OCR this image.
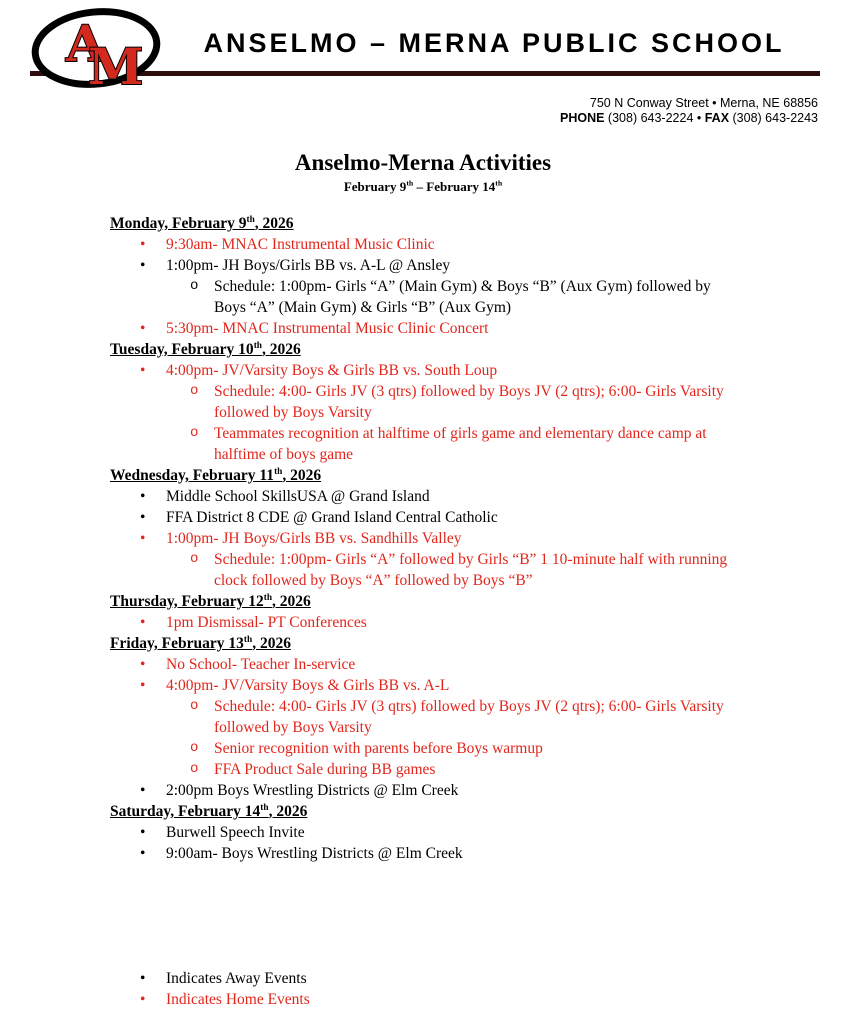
A
M	ANSELMO – MERNA PUBLIC SCHOOL
750 N Conway Street • Merna, NE 68856
PHONE (308) 643-2224 • FAX (308) 643-2243
Anselmo-Merna Activities
February 9th – February 14th
Monday, February 9th, 2026
•	9:30am- MNAC Instrumental Music Clinic
•	1:00pm- JH Boys/Girls BB vs. A-L @ Ansley
o	Schedule: 1:00pm- Girls “A” (Main Gym) & Boys “B” (Aux Gym) followed by Boys “A” (Main Gym) & Girls “B” (Aux Gym)
•	5:30pm- MNAC Instrumental Music Clinic Concert
Tuesday, February 10th, 2026
•	4:00pm- JV/Varsity Boys & Girls BB vs. South Loup
o	Schedule: 4:00- Girls JV (3 qtrs) followed by Boys JV (2 qtrs); 6:00- Girls Varsity followed by Boys Varsity
o	Teammates recognition at halftime of girls game and elementary dance camp at halftime of boys game
Wednesday, February 11th, 2026
•	Middle School SkillsUSA @ Grand Island
•	FFA District 8 CDE @ Grand Island Central Catholic
•	1:00pm- JH Boys/Girls BB vs. Sandhills Valley
o	Schedule: 1:00pm- Girls “A” followed by Girls “B” 1 10-minute half with running clock followed by Boys “A” followed by Boys “B”
Thursday, February 12th, 2026
•	1pm Dismissal- PT Conferences
Friday, February 13th, 2026
•	No School- Teacher In-service
•	4:00pm- JV/Varsity Boys & Girls BB vs. A-L
o	Schedule: 4:00- Girls JV (3 qtrs) followed by Boys JV (2 qtrs); 6:00- Girls Varsity followed by Boys Varsity
o	Senior recognition with parents before Boys warmup
o	FFA Product Sale during BB games
•	2:00pm Boys Wrestling Districts @ Elm Creek
Saturday, February 14th, 2026
•	Burwell Speech Invite
•	9:00am- Boys Wrestling Districts @ Elm Creek
•	Indicates Away Events
•	Indicates Home Events
